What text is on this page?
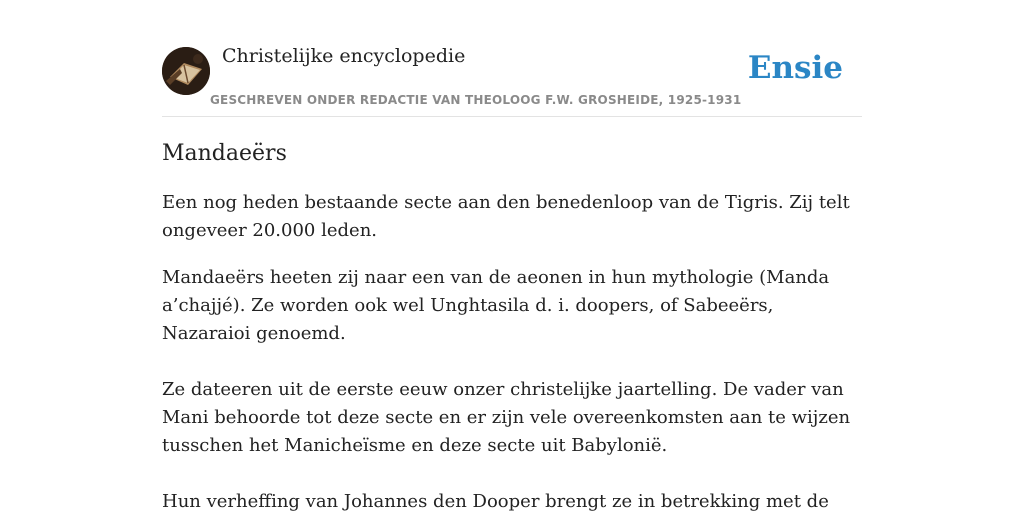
Christelijke encyclopedie
GESCHREVEN ONDER REDACTIE VAN THEOLOOG F.W. GROSHEIDE, 1925-1931
Ensie
Mandaeërs

Een nog heden bestaande secte aan den benedenloop van de Tigris. Zij telt ongeveer 20.000 leden.

Mandaeërs heeten zij naar een van de aeonen in hun mythologie (Manda a’chajjé). Ze worden ook wel Unghtasila d. i. doopers, of Sabeeërs, Nazaraioi genoemd.

Ze dateeren uit de eerste eeuw onzer christelijke jaartelling. De vader van Mani behoorde tot deze secte en er zijn vele overeenkomsten aan te wijzen tusschen het Manicheïsme en deze secte uit Babylonië.

Hun verheffing van Johannes den Dooper brengt ze in betrekking met de
